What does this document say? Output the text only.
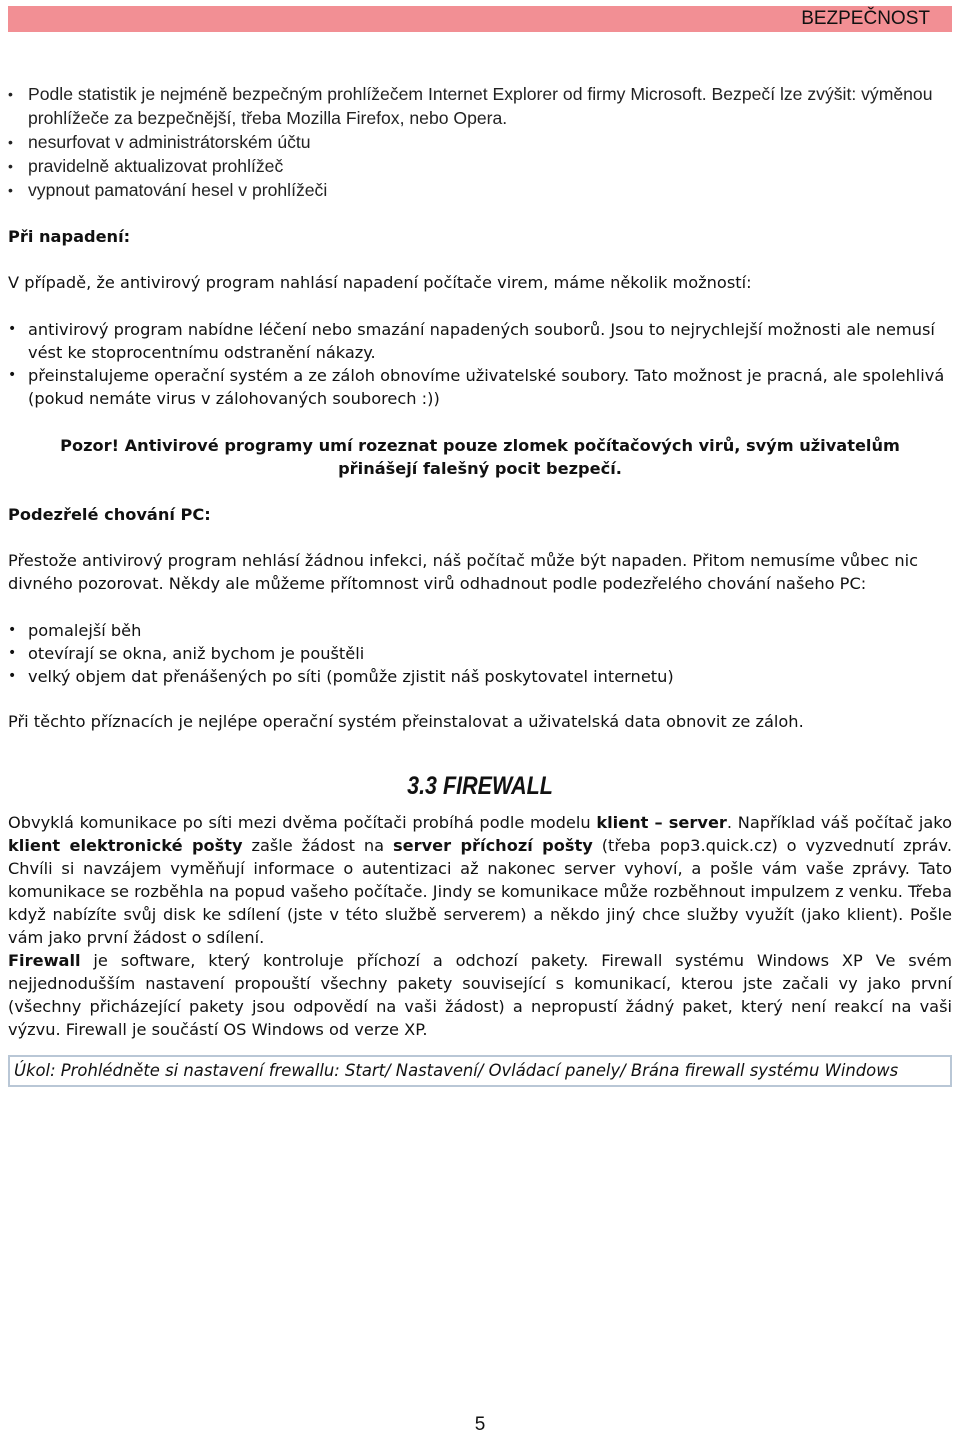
BEZPEČNOST
• Podle statistik je nejméně bezpečným prohlížečem Internet Explorer od firmy Microsoft. Bezpečí lze zvýšit: výměnou prohlížeče za bezpečnější, třeba Mozilla Firefox, nebo Opera.
• nesurfovat v administrátorském účtu
• pravidelně aktualizovat prohlížeč
• vypnout pamatování hesel v prohlížeči

Při napadení:

V případě, že antivirový program nahlásí napadení počítače virem, máme několik možností:

• antivirový program nabídne léčení nebo smazání napadených souborů. Jsou to nejrychlejší možnosti ale nemusí vést ke stoprocentnímu odstranění nákazy.
• přeinstalujeme operační systém a ze záloh obnovíme uživatelské soubory. Tato možnost je pracná, ale spolehlivá (pokud nemáte virus v zálohovaných souborech :))

Pozor! Antivirové programy umí rozeznat pouze zlomek počítačových virů, svým uživatelům

přinášejí falešný pocit bezpečí.

Podezřelé chování PC:

Přestože antivirový program nehlásí žádnou infekci, náš počítač může být napaden. Přitom nemusíme vůbec nic divného pozorovat. Někdy ale můžeme přítomnost virů odhadnout podle podezřelého chování našeho PC:

• pomalejší běh
• otevírají se okna, aniž bychom je pouštěli
• velký objem dat přenášených po síti (pomůže zjistit náš poskytovatel internetu)

Při těchto příznacích je nejlépe operační systém přeinstalovat a uživatelská data obnovit ze záloh.

3.3 FIREWALL

Obvyklá komunikace po síti mezi dvěma počítači probíhá podle modelu klient – server. Například váš počítač jako klient elektronické pošty zašle žádost na server příchozí pošty (třeba pop3.quick.cz) o vyzvednutí zpráv. Chvíli si navzájem vyměňují informace o autentizaci až nakonec server vyhoví, a pošle vám vaše zprávy. Tato komunikace se rozběhla na popud vašeho počítače. Jindy se komunikace může rozběhnout impulzem z venku. Třeba když nabízíte svůj disk ke sdílení (jste v této službě serverem) a někdo jiný chce služby využít (jako klient). Pošle vám jako první žádost o sdílení.

Firewall je software, který kontroluje příchozí a odchozí pakety. Firewall systému Windows XP Ve svém nejjednodušším nastavení propouští všechny pakety související s komunikací, kterou jste začali vy jako první (všechny přicházející pakety jsou odpovědí na vaši žádost) a nepropustí žádný paket, který není reakcí na vaši výzvu. Firewall je součástí OS Windows od verze XP.

Úkol: Prohlédněte si nastavení frewallu: Start/ Nastavení/ Ovládací panely/ Brána firewall systému Windows
5
